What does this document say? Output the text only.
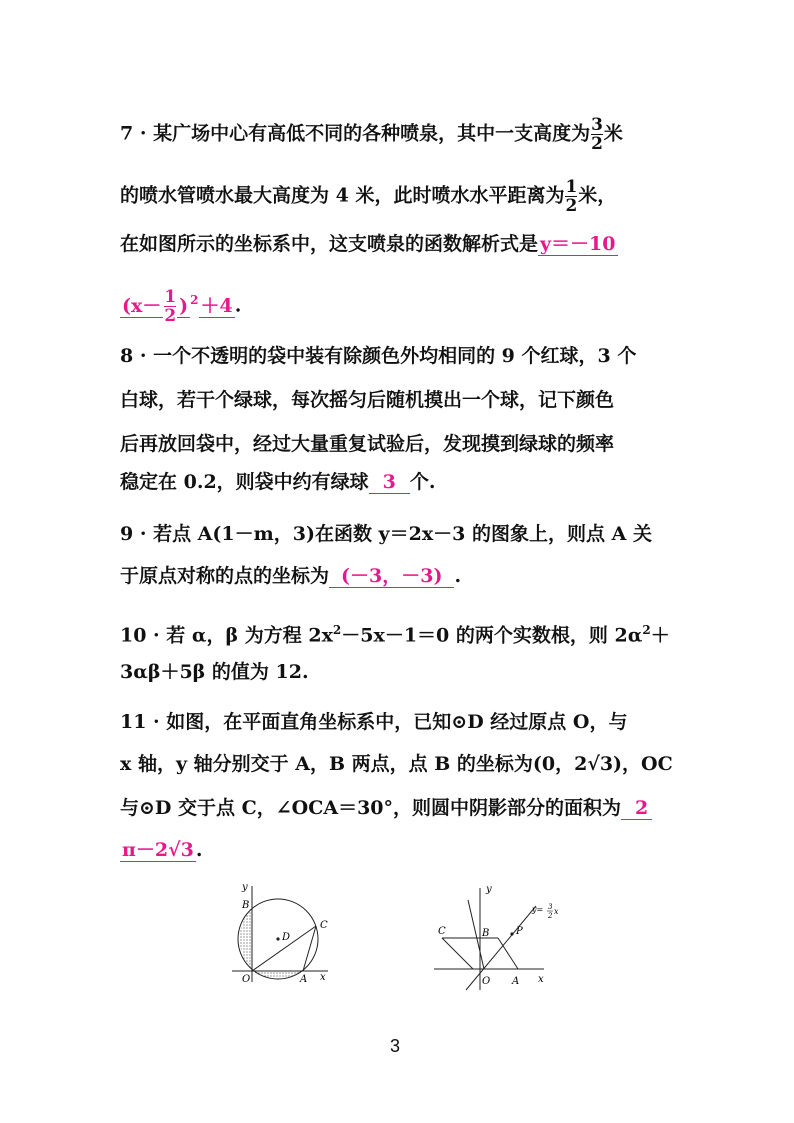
7 · 某广场中心有高低不同的各种喷泉，其中一支高度为 $\frac{3}{2}$ 米
的喷水管喷水最大高度为 4 米，此时喷水水平距离为 $\frac{1}{2}$ 米，
在如图所示的坐标系中，这支喷泉的函数解析式是 y＝－10
($x- \frac{1}{2}$ ) $^2$ ＋4 .
8 · 一个不透明的袋中装有除颜色外均相同的 9 个红球，3 个
白球，若干个绿球，每次摇匀后随机摸出一个球，记下颜色
后再放回袋中，经过大量重复试验后，发现摸到绿球的频率
稳定在 0.2，则袋中约有绿球 3 个.
9 · 若点 A(1－m，3)在函数 y＝2x－3 的图象上，则点 A 关
于原点对称的点的坐标为 (－3，－3) .
10 · 若 α，β 为方程 $2x^2-5x-1=0$ 的两个实数根，则 $2\alpha^2+$
3αβ＋5β 的值为 12.
11 · 如图，在平面直角坐标系中，已知⊙D 经过原点 O，与
x 轴，y 轴分别交于 A，B 两点，点 B 的坐标为(0，2√3)，OC
与⊙D 交于点 C，∠OCA＝30°，则圆中阴影部分的面积为 2
π－2√3 .
y
B
D
C
O	A x
y
C	B	P
O A x
y= 3
2 x
3
